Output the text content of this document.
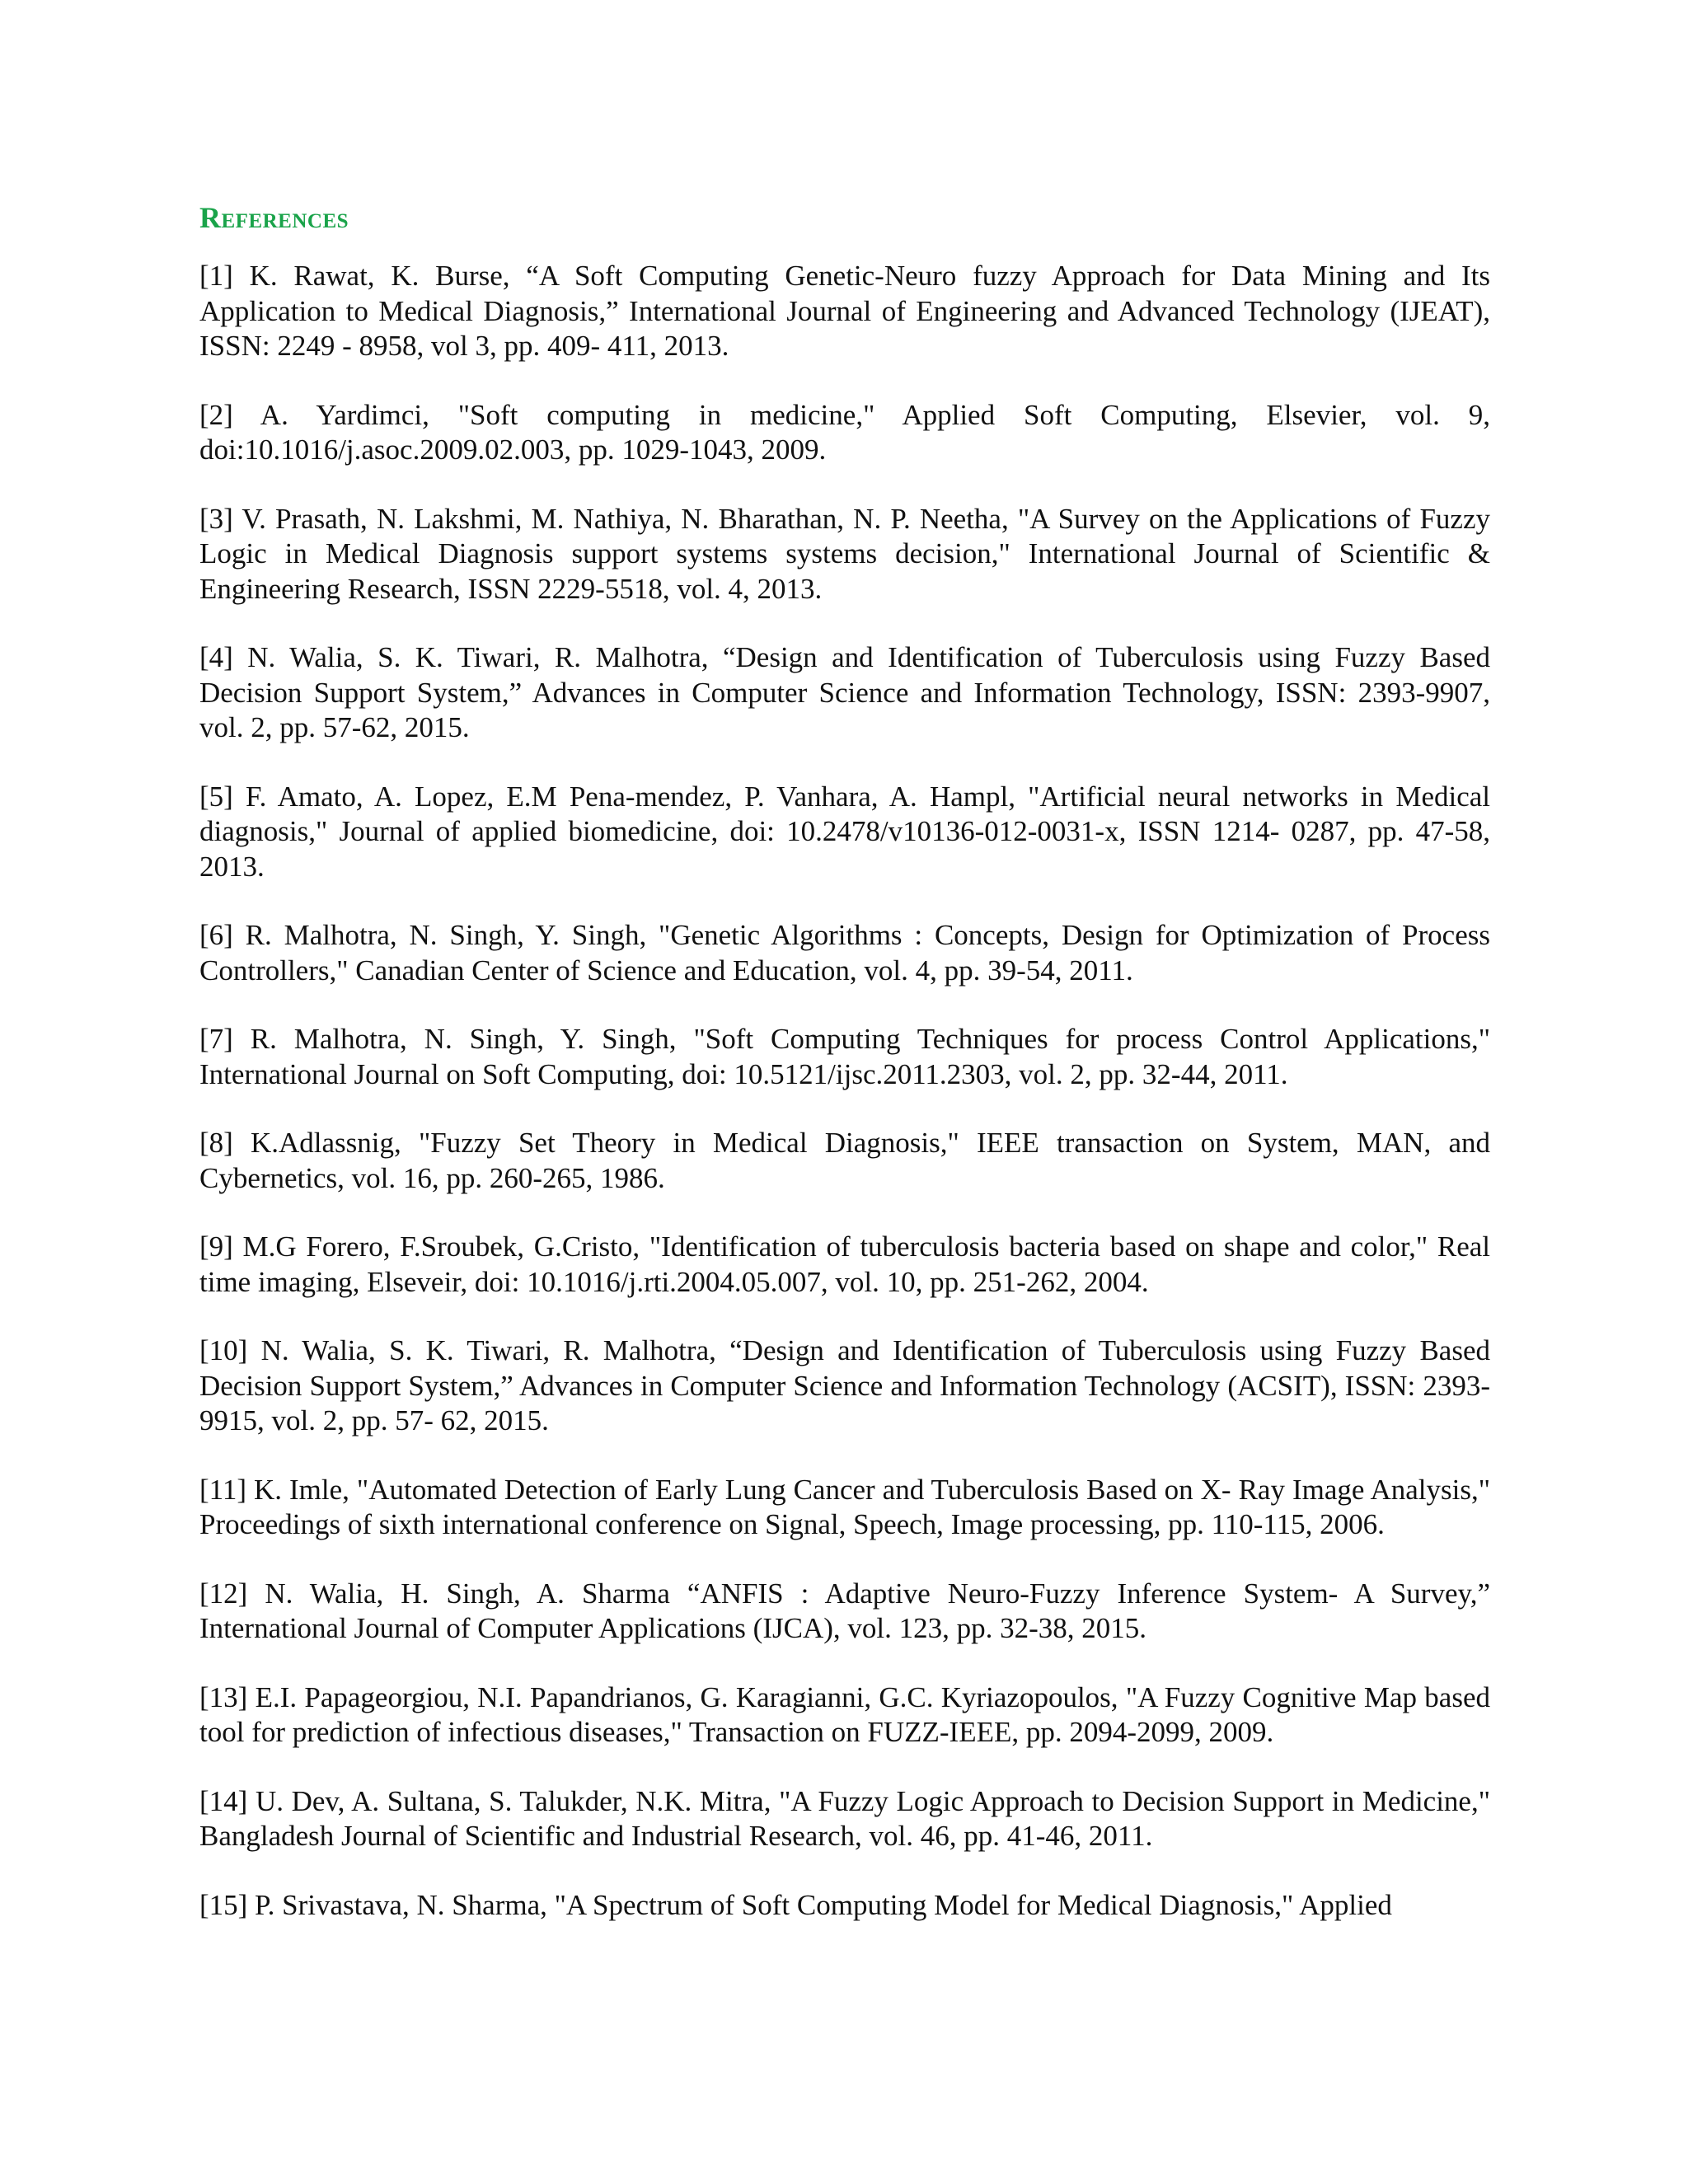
References
[1] K. Rawat, K. Burse, “A Soft Computing Genetic-Neuro fuzzy Approach for Data Mining and Its Application to Medical Diagnosis,” International Journal of Engineering and Advanced Technology (IJEAT), ISSN: 2249 - 8958, vol 3, pp. 409- 411, 2013.
[2] A. Yardimci, "Soft computing in medicine," Applied Soft Computing, Elsevier, vol. 9, doi:10.1016/j.asoc.2009.02.003, pp. 1029-1043, 2009.
[3] V. Prasath, N. Lakshmi, M. Nathiya, N. Bharathan, N. P. Neetha, "A Survey on the Applications of Fuzzy Logic in Medical Diagnosis support systems systems decision," International Journal of Scientific & Engineering Research, ISSN 2229-5518, vol. 4, 2013.
[4] N. Walia, S. K. Tiwari, R. Malhotra, “Design and Identification of Tuberculosis using Fuzzy Based Decision Support System,” Advances in Computer Science and Information Technology, ISSN: 2393-9907, vol. 2, pp. 57-62, 2015.
[5] F. Amato, A. Lopez, E.M Pena-mendez, P. Vanhara, A. Hampl, "Artificial neural networks in Medical diagnosis," Journal of applied biomedicine, doi: 10.2478/v10136-012-0031-x, ISSN 1214- 0287, pp. 47-58, 2013.
[6] R. Malhotra, N. Singh, Y. Singh, "Genetic Algorithms : Concepts, Design for Optimization of Process Controllers," Canadian Center of Science and Education, vol. 4, pp. 39-54, 2011.
[7] R. Malhotra, N. Singh, Y. Singh, "Soft Computing Techniques for process Control Applications," International Journal on Soft Computing, doi: 10.5121/ijsc.2011.2303, vol. 2, pp. 32-44, 2011.
[8] K.Adlassnig, "Fuzzy Set Theory in Medical Diagnosis," IEEE transaction on System, MAN, and Cybernetics, vol. 16, pp. 260-265, 1986.
[9] M.G Forero, F.Sroubek, G.Cristo, "Identification of tuberculosis bacteria based on shape and color," Real time imaging, Elseveir, doi: 10.1016/j.rti.2004.05.007, vol. 10, pp. 251-262, 2004.
[10] N. Walia, S. K. Tiwari, R. Malhotra, “Design and Identification of Tuberculosis using Fuzzy Based Decision Support System,” Advances in Computer Science and Information Technology (ACSIT), ISSN: 2393-9915, vol. 2, pp. 57- 62, 2015.
[11] K. Imle, "Automated Detection of Early Lung Cancer and Tuberculosis Based on X- Ray Image Analysis," Proceedings of sixth international conference on Signal, Speech, Image processing, pp. 110-115, 2006.
[12] N. Walia, H. Singh, A. Sharma “ANFIS : Adaptive Neuro-Fuzzy Inference System- A Survey,” International Journal of Computer Applications (IJCA), vol. 123, pp. 32-38, 2015.
[13] E.I. Papageorgiou, N.I. Papandrianos, G. Karagianni, G.C. Kyriazopoulos, "A Fuzzy Cognitive Map based tool for prediction of infectious diseases," Transaction on FUZZ-IEEE, pp. 2094-2099, 2009.
[14] U. Dev, A. Sultana, S. Talukder, N.K. Mitra, "A Fuzzy Logic Approach to Decision Support in Medicine," Bangladesh Journal of Scientific and Industrial Research, vol. 46, pp. 41-46, 2011.
[15] P. Srivastava, N. Sharma, "A Spectrum of Soft Computing Model for Medical Diagnosis," Applied
